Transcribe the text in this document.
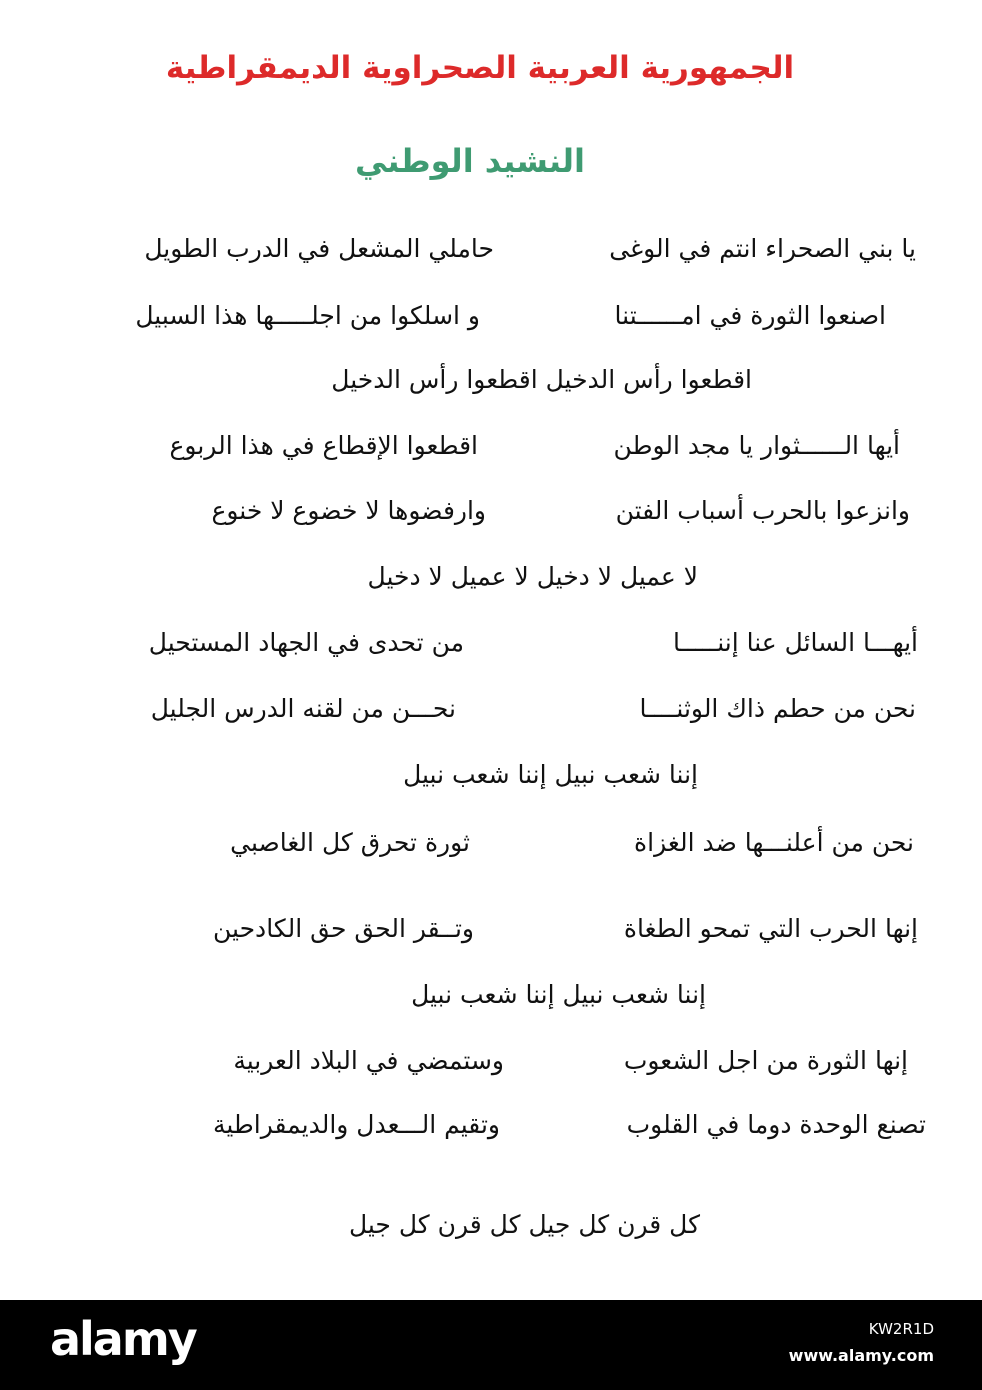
الجمهورية العربية الصحراوية الديمقراطية
النشيد الوطني
يا بني الصحراء انتم في الوغى
حاملي المشعل في الدرب الطويل
اصنعوا الثورة في امــــــتنا
و اسلكوا من اجلـــــها هذا السبيل
اقطعوا رأس الدخيل اقطعوا رأس الدخيل
أيها الــــــثوار يا مجد الوطن
اقطعوا الإقطاع في هذا الربوع
وانزعوا بالحرب أسباب الفتن
وارفضوها لا خضوع لا خنوع
لا عميل لا دخيل لا عميل لا دخيل
أيهـــا السائل عنا إننـــــا
من تحدى في الجهاد المستحيل
نحن من حطم ذاك الوثنــــا
نحـــن من لقنه الدرس الجليل
إننا شعب نبيل إننا شعب نبيل
نحن من أعلنـــها ضد الغزاة
ثورة تحرق كل الغاصبي
إنها الحرب التي تمحو الطغاة
وتــقر الحق حق الكادحين
إننا شعب نبيل إننا شعب نبيل
إنها الثورة من اجل الشعوب
وستمضي في البلاد العربية
تصنع الوحدة دوما في القلوب
وتقيم الـــعدل والديمقراطية
كل قرن كل جيل كل قرن كل جيل
alamy	KW2R1D
www.alamy.com
